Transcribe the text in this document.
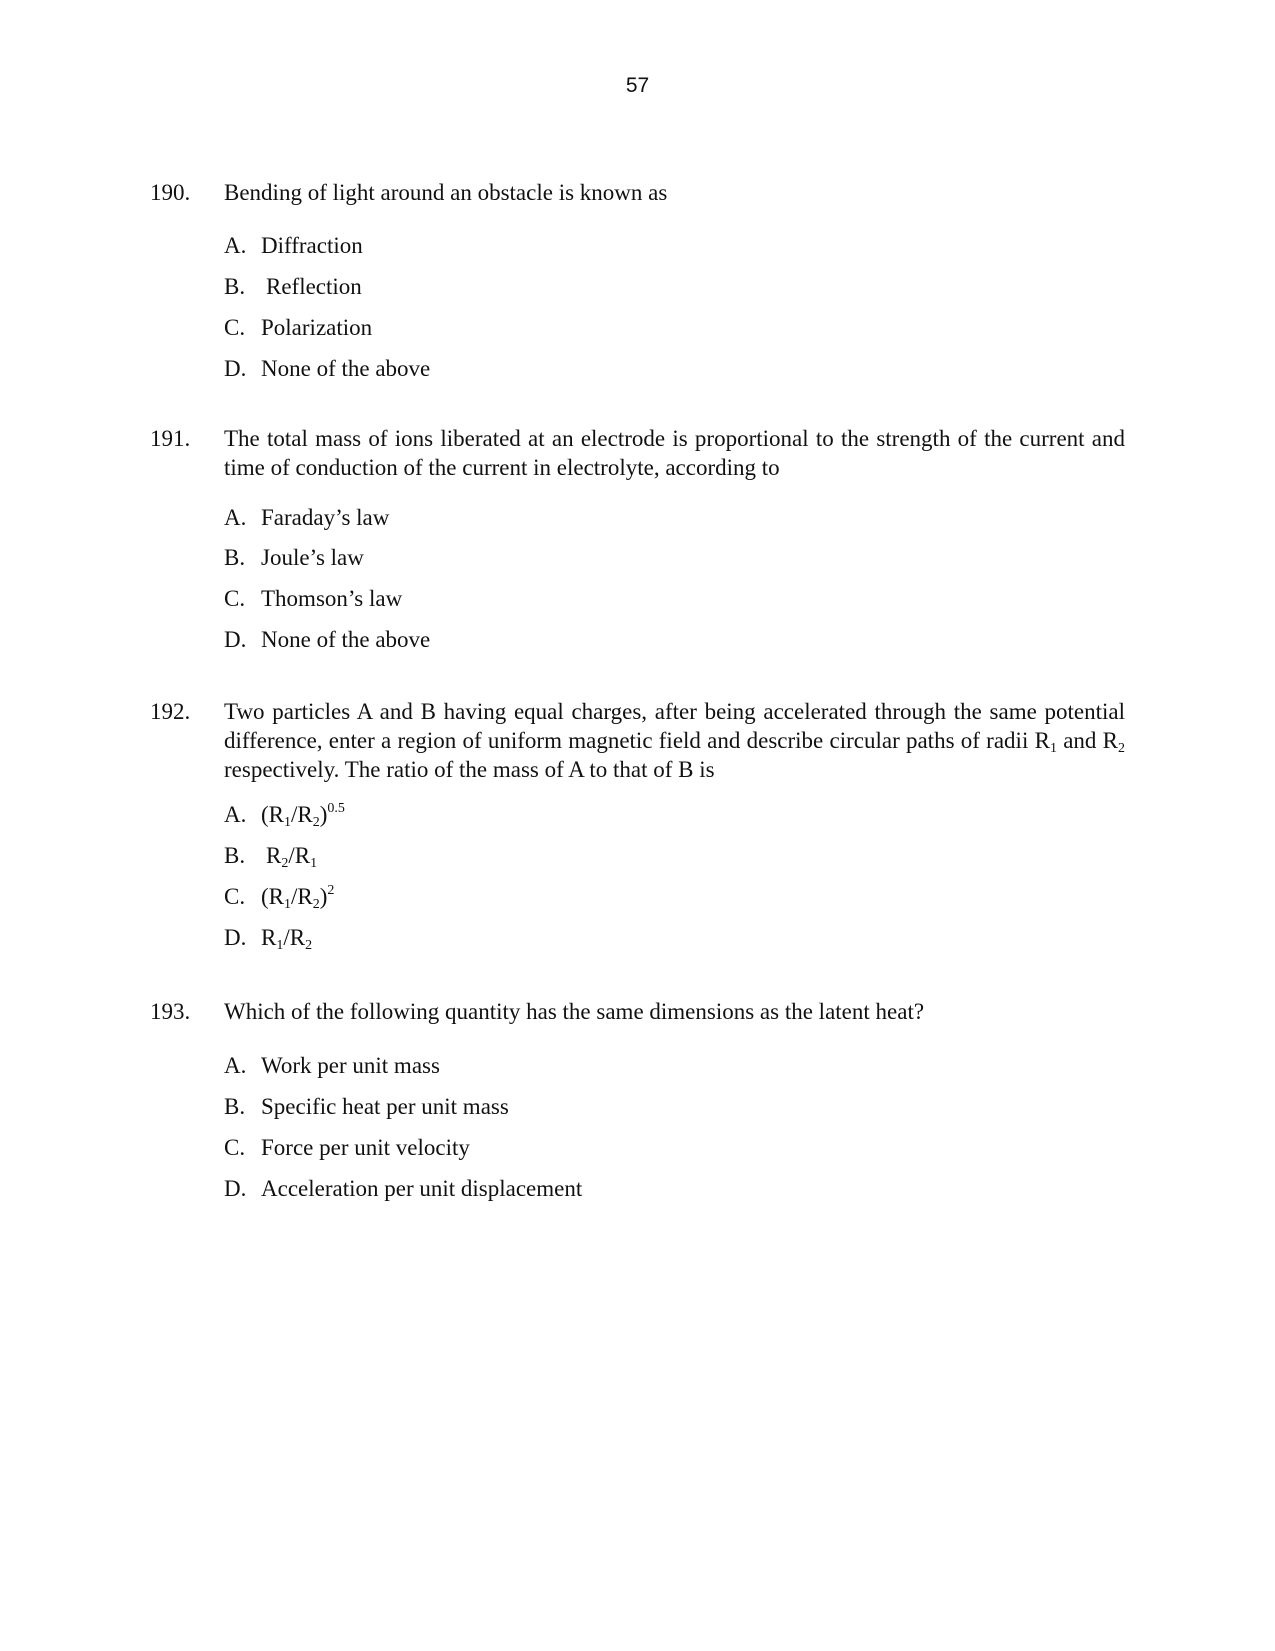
57
190. Bending of light around an obstacle is known as
A. Diffraction
B. Reflection
C. Polarization
D. None of the above
191. The total mass of ions liberated at an electrode is proportional to the strength of the current and time of conduction of the current in electrolyte, according to
A. Faraday’s law
B. Joule’s law
C. Thomson’s law
D. None of the above
192. Two particles A and B having equal charges, after being accelerated through the same potential difference, enter a region of uniform magnetic field and describe circular paths of radii $R_1$ and $R_2$ respectively. The ratio of the mass of A to that of B is
A. $(R_1/R_2)^{0.5}$
B. $R_2/R_1$
C. $(R_1/R_2)^2$
D. $R_1/R_2$
193. Which of the following quantity has the same dimensions as the latent heat?
A. Work per unit mass
B. Specific heat per unit mass
C. Force per unit velocity
D. Acceleration per unit displacement
